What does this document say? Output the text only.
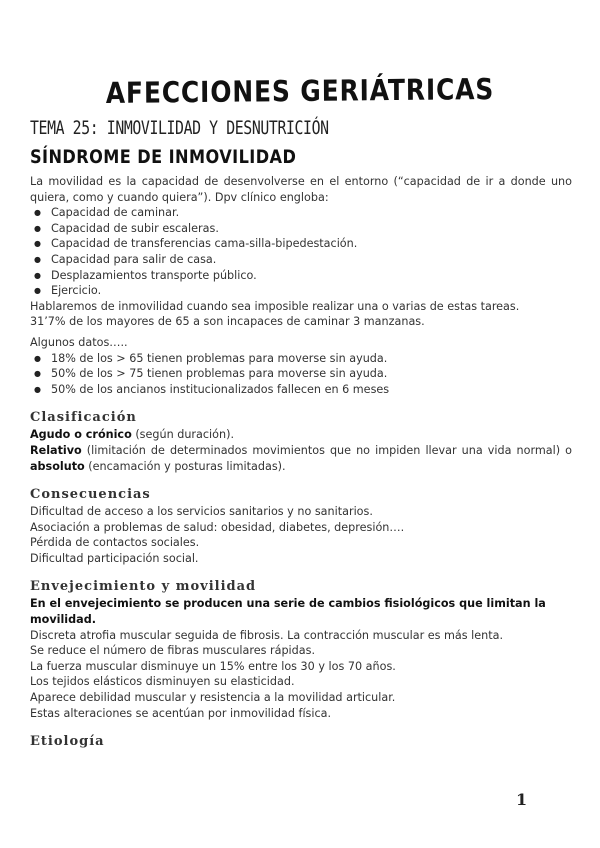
AFECCIONES GERIÁTRICAS
TEMA 25: INMOVILIDAD Y DESNUTRICIÓN
SÍNDROME DE INMOVILIDAD

La movilidad es la capacidad de desenvolverse en el entorno (“capacidad de ir a donde uno quiera, como y cuando quiera”). Dpv clínico engloba:

● Capacidad de caminar.
● Capacidad de subir escaleras.
● Capacidad de transferencias cama-silla-bipedestación.
● Capacidad para salir de casa.
● Desplazamientos transporte público.
● Ejercicio.

Hablaremos de inmovilidad cuando sea imposible realizar una o varias de estas tareas.

31’7% de los mayores de 65 a son incapaces de caminar 3 manzanas.

Algunos datos…..

● 18% de los > 65 tienen problemas para moverse sin ayuda.
● 50% de los > 75 tienen problemas para moverse sin ayuda.
● 50% de los ancianos institucionalizados fallecen en 6 meses
Clasificación

Agudo o crónico (según duración).

Relativo (limitación de determinados movimientos que no impiden llevar una vida normal) o absoluto (encamación y posturas limitadas).

Consecuencias

Dificultad de acceso a los servicios sanitarios y no sanitarios.

Asociación a problemas de salud: obesidad, diabetes, depresión….

Pérdida de contactos sociales.

Dificultad participación social.

Envejecimiento y movilidad

En el envejecimiento se producen una serie de cambios fisiológicos que limitan la movilidad.

Discreta atrofia muscular seguida de fibrosis. La contracción muscular es más lenta.

Se reduce el número de fibras musculares rápidas.

La fuerza muscular disminuye un 15% entre los 30 y los 70 años.

Los tejidos elásticos disminuyen su elasticidad.

Aparece debilidad muscular y resistencia a la movilidad articular.

Estas alteraciones se acentúan por inmovilidad física.

Etiología
1
